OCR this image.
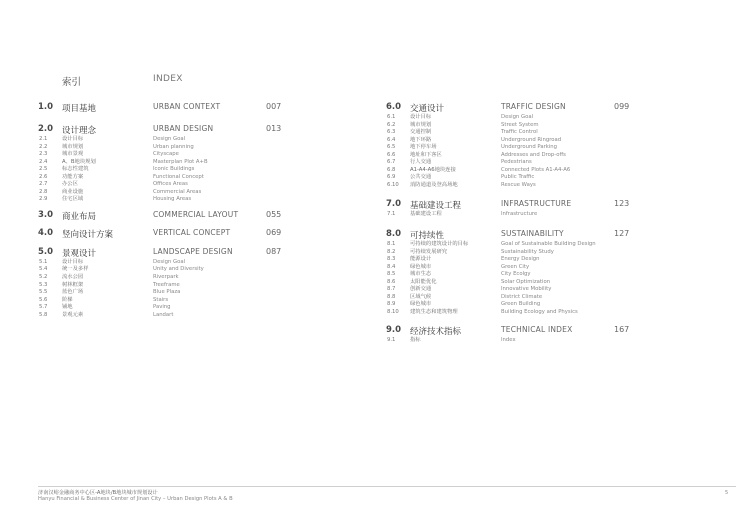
索引	INDEX
1.0 项目基地	URBAN CONTEXT	007
2.0 设计理念	URBAN DESIGN	013
2.1	设计目标	Design Goal
2.2	城市规划	Urban planning
2.3	城市景观	Cityscape
2.4	A、B地块规划	Masterplan Plot A+B
2.5	标志性建筑	Iconic Buildings
2.6	功能方案	Functional Concept
2.7	办公区	Offices Areas
2.8	商业设施	Commercial Areas
2.9	住宅区域	Housing Areas
3.0 商业布局	COMMERCIAL LAYOUT	055
4.0 竖向设计方案	VERTICAL CONCEPT	069
5.0 景观设计	LANDSCAPE DESIGN	087
5.1	设计目标	Design Goal
5.4	统一及多样	Unity and Diversity
5.2	流水公园	Riverpark
5.3	树林框架	Treeframe
5.5	蓝色广场	Blue Plaza
5.6	阶梯	Stairs
5.7	铺地	Paving
5.8	景观元素	Landart
6.0 交通设计	TRAFFIC DESIGN	099
6.1	设计目标	Design Goal
6.2	城市规划	Street System
6.3	交通控制	Traffic Control
6.4	地下环路	Underground Ringroad
6.5	地下停车场	Underground Parking
6.6	地址和下客区	Addresses and Drop-offs
6.7	行人交通	Pedestrians
6.8	A1-A4-A6地块连接	Connected Plots A1-A4-A6
6.9	公共交通	Public Traffic
6.10 消防通道及登高场地	Rescue Ways
7.0 基础建设工程	INFRASTRUCTURE	123
7.1	基础建设工程	Infrastructure
8.0 可持续性	SUSTAINABILITY	127
8.1	可持续的建筑设计的目标	Goal of Sustainable Building Design
8.2	可持续发展研究	Sustainability Study
8.3	能源设计	Energy Design
8.4	绿色城市	Green City
8.5	城市生态	City Ecolgy
8.6	太阳能优化	Solar Optimization
8.7	创新交通	Innovative Mobility
8.8	区域气候	District Climate
8.9	绿色城市	Green Building
8.10 建筑生态和建筑物理	Building Ecology and Physics
9.0 经济技术指标	TECHNICAL INDEX	167
9.1	指标	Index
济南汉峪金融商务中心区-A地块/B地块城市规划设计
Hanyu Financial & Business Center of Jinan City – Urban Design Plots A & B
5
